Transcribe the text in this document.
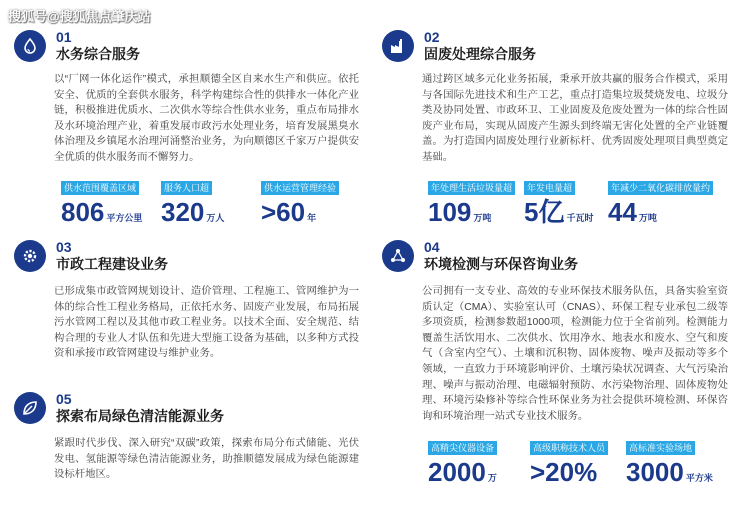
搜狐号@搜狐焦点肇庆站
01
水务综合服务
以“厂网一体化运作”模式，承担顺德全区自来水生产和供应。依托安全、优质的全套供水服务，科学构建综合性的供排水一体化产业链，积极推进优质水、二次供水等综合性供水业务，重点布局排水及水环境治理产业，着重发展市政污水处理业务，培育发展黑臭水体治理及乡镇尾水治理河涌整治业务，为向顺德区千家万户提供安全优质的供水服务而不懈努力。
供水范围覆盖区域
806 平方公里
服务人口超
320 万人
供水运营管理经验
>60 年
02
固废处理综合服务
通过跨区域多元化业务拓展，秉承开放共赢的服务合作模式，采用与各国际先进技术和生产工艺，重点打造集垃圾焚烧发电、垃圾分类及协同处置、市政环卫、工业固废及危废处置为一体的综合性固废产业布局，实现从固废产生源头到终端无害化处置的全产业链覆盖。为打造国内固废处理行业新标杆、优秀固废处理项目典型奠定基础。
年处理生活垃圾量超
109 万吨
年发电量超
5亿 千瓦时
年减少二氧化碳排放量约
44 万吨
03
市政工程建设业务
已形成集市政管网规划设计、造价管理、工程施工、管网维护为一体的综合性工程业务格局，正依托水务、固废产业发展，布局拓展污水管网工程以及其他市政工程业务。以技术全面、安全规范、结构合理的专业人才队伍和先进大型施工设备为基础，以多种方式投资和承接市政管网建设与维护业务。
05
探索布局绿色清洁能源业务
紧跟时代步伐、深入研究“双碳”政策，探索布局分布式储能、光伏发电、氢能源等绿色清洁能源业务，助推顺德发展成为绿色能源建设标杆地区。
04
环境检测与环保咨询业务
公司拥有一支专业、高效的专业环保技术服务队伍，具备实验室资质认定（CMA）、实验室认可（CNAS）、环保工程专业承包二级等多项资质，检测参数超1000项，检测能力位于全省前列。检测能力覆盖生活饮用水、二次供水、饮用净水、地表水和废水、空气和废气（含室内空气）、土壤和沉积物、固体废物、噪声及振动等多个领域，一直致力于环境影响评价、土壤污染状况调查、大气污染治理、噪声与振动治理、电磁辐射预防、水污染物治理、固体废物处理、环境污染修补等综合性环保业务为社会提供环境检测、环保咨询和环境治理一站式专业技术服务。
高精尖仪器设备
2000 万
高级职称技术人员
>20%
高标准实验场地
3000 平方米
